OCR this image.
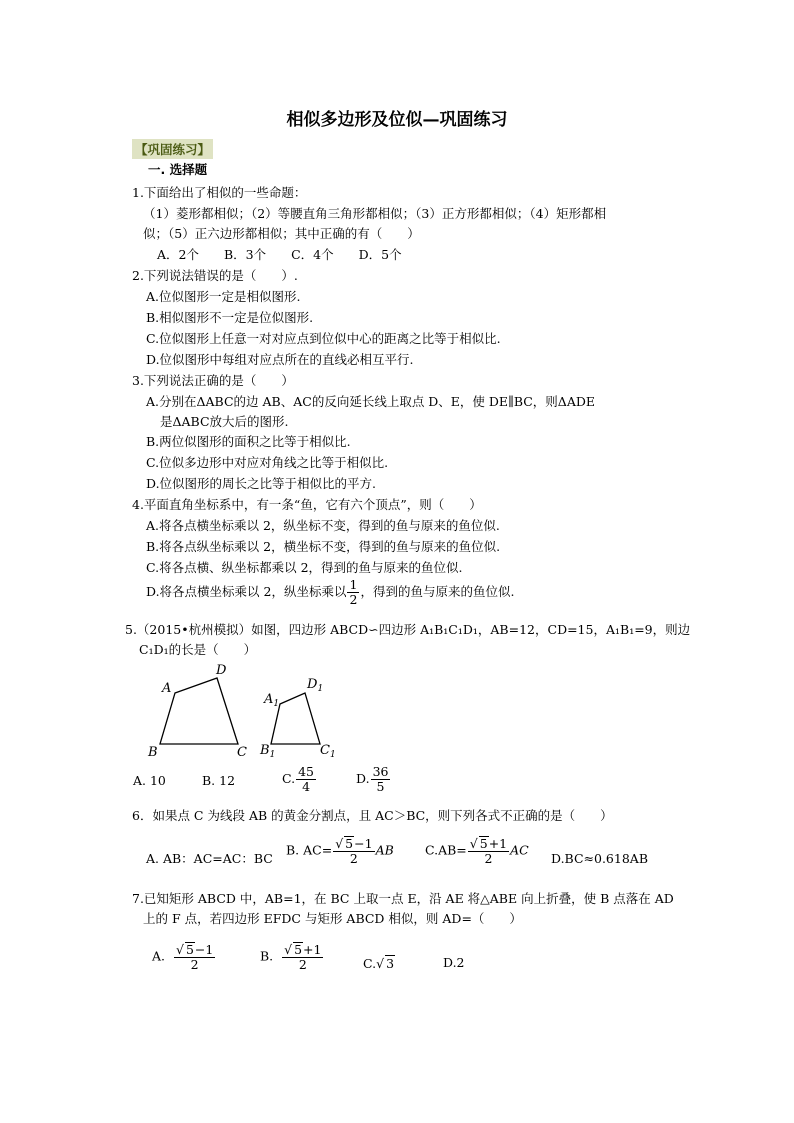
相似多边形及位似—巩固练习
【巩固练习】
一. 选择题
1.下面给出了相似的一些命题：
（1）菱形都相似；（2）等腰直角三角形都相似；（3）正方形都相似；（4）矩形都相
似；（5）正六边形都相似；其中正确的有（　　）
A．2个　　B．3个　　C．4个　　D．5个
2.下列说法错误的是（　　）.
A.位似图形一定是相似图形.
B.相似图形不一定是位似图形.
C.位似图形上任意一对对应点到位似中心的距离之比等于相似比.
D.位似图形中每组对应点所在的直线必相互平行.
3.下列说法正确的是（　　）
A.分别在ΔABC的边 AB、AC的反向延长线上取点 D、E，使 DE∥BC，则ΔADE
是ΔABC放大后的图形.
B.两位似图形的面积之比等于相似比.
C.位似多边形中对应对角线之比等于相似比.
D.位似图形的周长之比等于相似比的平方.
4.平面直角坐标系中，有一条“鱼，它有六个顶点”，则（　　）
A.将各点横坐标乘以 2，纵坐标不变，得到的鱼与原来的鱼位似.
B.将各点纵坐标乘以 2，横坐标不变，得到的鱼与原来的鱼位似.
C.将各点横、纵坐标都乘以 2，得到的鱼与原来的鱼位似.
D.将各点横坐标乘以 2，纵坐标乘以 $\frac{1}{2}$ ，得到的鱼与原来的鱼位似.
5.（2015•杭州模拟）如图，四边形 ABCD∽四边形 A₁B₁C₁D₁，AB=12，CD=15，A₁B₁=9，则边
C₁D₁的长是（　　）
A
D
B	C
$A_1$
$D_1$
$B_1$	$C_1$
A. 10	B. 12	C. $\frac{45}{4}$	D. $\frac{36}{5}$
6．如果点 C 为线段 AB 的黄金分割点，且 AC＞BC，则下列各式不正确的是（　　）
A. AB：AC=AC：BC
B. $AC= \frac{√ 5-1}{2}$ AB $C.AB= \frac{√ 5+1}{2}$ AC
D.BC≈0.618AB
7.已知矩形 ABCD 中，AB=1，在 BC 上取一点 E，沿 AE 将△ABE 向上折叠，使 B 点落在 AD
上的 F 点，若四边形 EFDC 与矩形 ABCD 相似，则 AD=（　　）
A. $\frac{√ 5-1}{2}$	B. $\frac{√ 5+1}{2}$	C.√ 3	D.2
